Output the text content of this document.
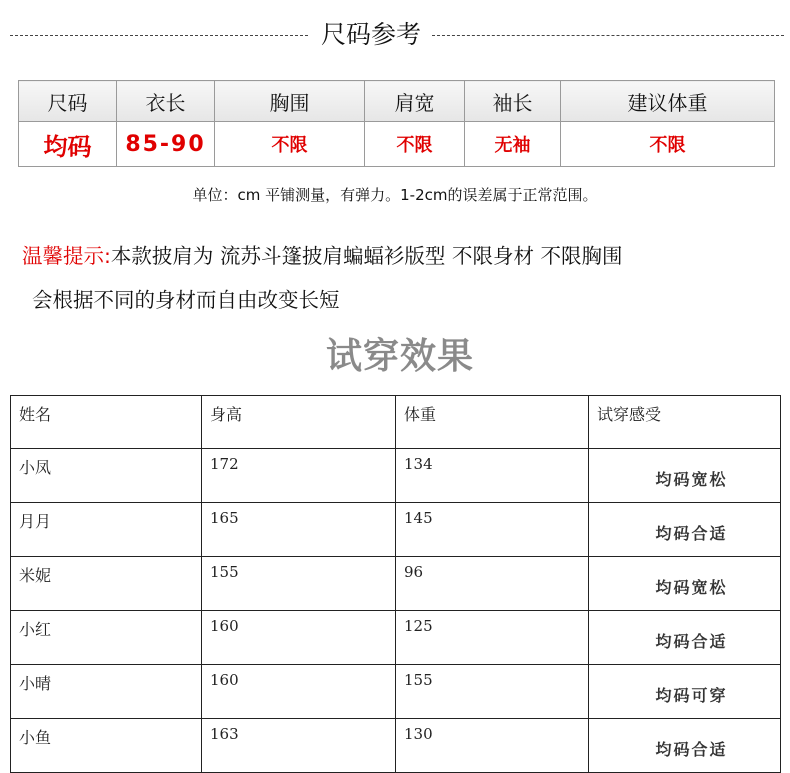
尺码参考
尺码	衣长	胸围	肩宽	袖长	建议体重
均码	85-90	不限	不限	无袖	不限
单位：cm 平铺测量，有弹力。1-2cm的误差属于正常范围。
温馨提示:本款披肩为 流苏斗篷披肩蝙蝠衫版型 不限身材 不限胸围
会根据不同的身材而自由改变长短
试穿效果
姓名	身高	体重	试穿感受
小凤	172	134	均码宽松
月月	165	145	均码合适
米妮	155	96	均码宽松
小红	160	125	均码合适
小晴	160	155	均码可穿
小鱼	163	130	均码合适
